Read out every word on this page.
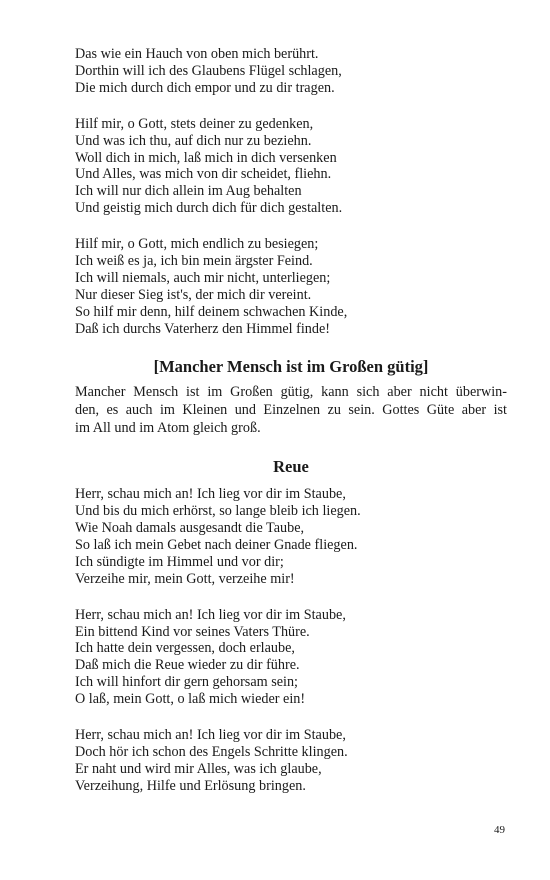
Das wie ein Hauch von oben mich berührt.
Dorthin will ich des Glaubens Flügel schlagen,
Die mich durch dich empor und zu dir tragen.
Hilf mir, o Gott, stets deiner zu gedenken,
Und was ich thu, auf dich nur zu beziehn.
Woll dich in mich, laß mich in dich versenken
Und Alles, was mich von dir scheidet, fliehn.
Ich will nur dich allein im Aug behalten
Und geistig mich durch dich für dich gestalten.
Hilf mir, o Gott, mich endlich zu besiegen;
Ich weiß es ja, ich bin mein ärgster Feind.
Ich will niemals, auch mir nicht, unterliegen;
Nur dieser Sieg ist's, der mich dir vereint.
So hilf mir denn, hilf deinem schwachen Kinde,
Daß ich durchs Vaterherz den Himmel finde!
[Mancher Mensch ist im Großen gütig]
Mancher Mensch ist im Großen gütig, kann sich aber nicht überwin-
den, es auch im Kleinen und Einzelnen zu sein. Gottes Güte aber ist
im All und im Atom gleich groß.
Reue
Herr, schau mich an! Ich lieg vor dir im Staube,
Und bis du mich erhörst, so lange bleib ich liegen.
Wie Noah damals ausgesandt die Taube,
So laß ich mein Gebet nach deiner Gnade fliegen.
Ich sündigte im Himmel und vor dir;
Verzeihe mir, mein Gott, verzeihe mir!
Herr, schau mich an! Ich lieg vor dir im Staube,
Ein bittend Kind vor seines Vaters Thüre.
Ich hatte dein vergessen, doch erlaube,
Daß mich die Reue wieder zu dir führe.
Ich will hinfort dir gern gehorsam sein;
O laß, mein Gott, o laß mich wieder ein!
Herr, schau mich an! Ich lieg vor dir im Staube,
Doch hör ich schon des Engels Schritte klingen.
Er naht und wird mir Alles, was ich glaube,
Verzeihung, Hilfe und Erlösung bringen.
49
